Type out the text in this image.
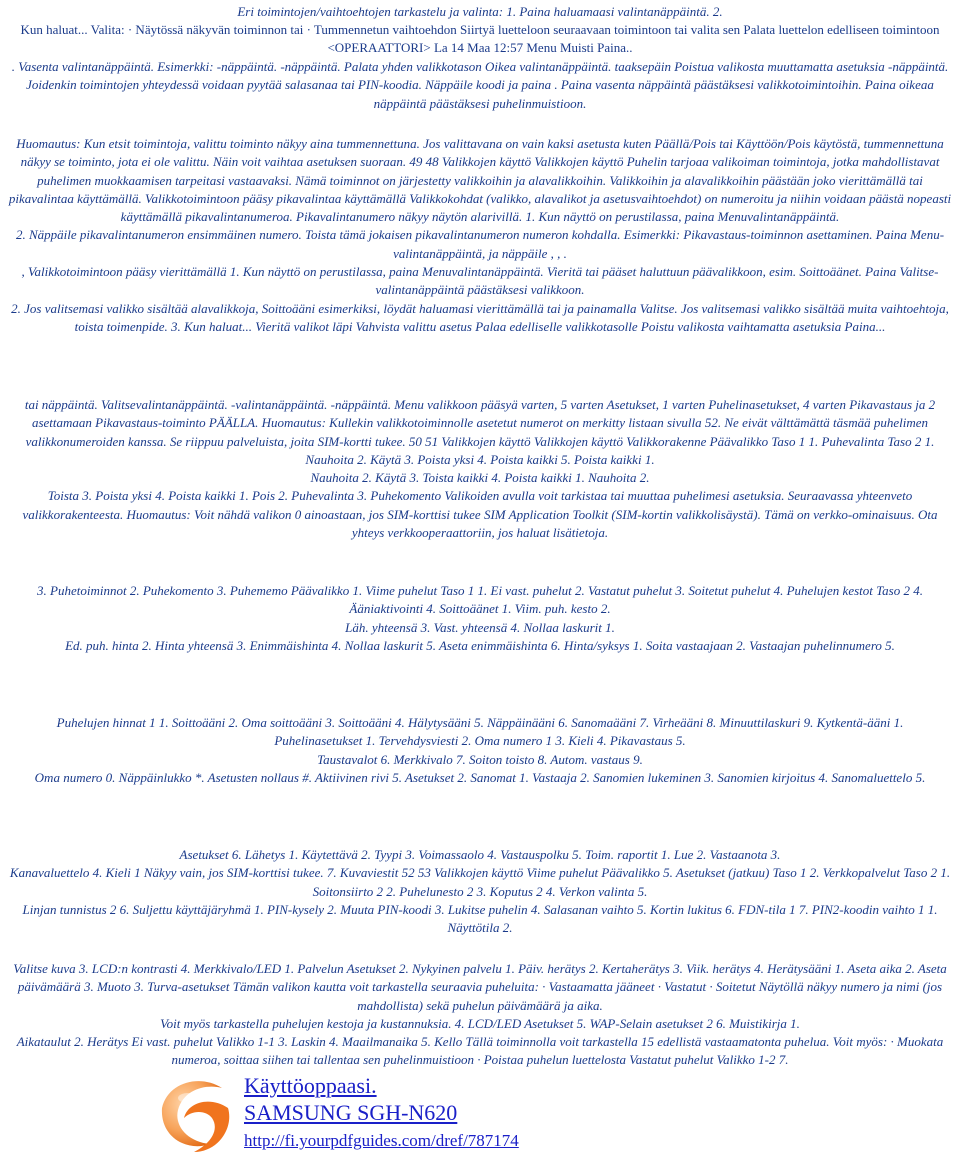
Eri toimintojen/vaihtoehtojen tarkastelu ja valinta: 1. Paina haluamaasi valintanäppäintä. 2.
Kun haluat... Valita: · Näytössä näkyvän toiminnon tai · Tummennetun vaihtoehdon Siirtyä luetteloon seuraavaan toimintoon tai valita sen Palata luettelon edelliseen toimintoon <OPERAATTORI> La 14 Maa 12:57 Menu Muisti Paina..
. Vasenta valintanäppäintä. Esimerkki: -näppäintä. -näppäintä. Palata yhden valikkotason Oikea valintanäppäintä. taaksepäin Poistua valikosta muuttamatta asetuksia -näppäintä. Joidenkin toimintojen yhteydessä voidaan pyytää salasanaa tai PIN-koodia. Näppäile koodi ja paina . Paina vasenta näppäintä päästäksesi valikkotoimintoihin. Paina oikeaa näppäintä päästäksesi puhelinmuistioon.
Huomautus: Kun etsit toimintoja, valittu toiminto näkyy aina tummennettuna. Jos valittavana on vain kaksi asetusta kuten Päällä/Pois tai Käyttöön/Pois käytöstä, tummennettuna näkyy se toiminto, jota ei ole valittu. Näin voit vaihtaa asetuksen suoraan. 49 48 Valikkojen käyttö Valikkojen käyttö Puhelin tarjoaa valikoiman toimintoja, jotka mahdollistavat puhelimen muokkaamisen tarpeitasi vastaavaksi. Nämä toiminnot on järjestetty valikkoihin ja alavalikkoihin. Valikkoihin ja alavalikkoihin päästään joko vierittämällä tai pikavalintaa käyttämällä. Valikkotoimintoon pääsy pikavalintaa käyttämällä Valikkokohdat (valikko, alavalikot ja asetusvaihtoehdot) on numeroitu ja niihin voidaan päästä nopeasti käyttämällä pikavalintanumeroa. Pikavalintanumero näkyy näytön alarivillä. 1. Kun näyttö on perustilassa, paina Menuvalintanäppäintä.
2. Näppäile pikavalintanumeron ensimmäinen numero. Toista tämä jokaisen pikavalintanumeron numeron kohdalla. Esimerkki: Pikavastaus-toiminnon asettaminen. Paina Menu-valintanäppäintä, ja näppäile , , .
, Valikkotoimintoon pääsy vierittämällä 1. Kun näyttö on perustilassa, paina Menuvalintanäppäintä. Vieritä tai pääset haluttuun päävalikkoon, esim. Soittoäänet. Paina Valitse-valintanäppäintä päästäksesi valikkoon.
2. Jos valitsemasi valikko sisältää alavalikkoja, Soittoääni esimerkiksi, löydät haluamasi vierittämällä tai ja painamalla Valitse. Jos valitsemasi valikko sisältää muita vaihtoehtoja, toista toimenpide. 3. Kun haluat... Vieritä valikot läpi Vahvista valittu asetus Palaa edelliselle valikkotasolle Poistu valikosta vaihtamatta asetuksia Paina...
tai näppäintä. Valitsevalintanäppäintä. -valintanäppäintä. -näppäintä. Menu valikkoon pääsyä varten, 5 varten Asetukset, 1 varten Puhelinasetukset, 4 varten Pikavastaus ja 2 asettamaan Pikavastaus-toiminto PÄÄLLA. Huomautus: Kullekin valikkotoiminnolle asetetut numerot on merkitty listaan sivulla 52. Ne eivät välttämättä täsmää puhelimen valikkonumeroiden kanssa. Se riippuu palveluista, joita SIM-kortti tukee. 50 51 Valikkojen käyttö Valikkojen käyttö Valikkorakenne Päävalikko Taso 1 1. Puhevalinta Taso 2 1.
Nauhoita 2. Käytä 3. Poista yksi 4. Poista kaikki 5. Poista kaikki 1.
Nauhoita 2. Käytä 3. Toista kaikki 4. Poista kaikki 1. Nauhoita 2.
Toista 3. Poista yksi 4. Poista kaikki 1. Pois 2. Puhevalinta 3. Puhekomento Valikoiden avulla voit tarkistaa tai muuttaa puhelimesi asetuksia. Seuraavassa yhteenveto valikkorakenteesta. Huomautus: Voit nähdä valikon 0 ainoastaan, jos SIM-korttisi tukee SIM Application Toolkit (SIM-kortin valikkolisäystä). Tämä on verkko-ominaisuus. Ota yhteys verkkooperaattoriin, jos haluat lisätietoja.
3. Puhetoiminnot 2. Puhekomento 3. Puhememo Päävalikko 1. Viime puhelut Taso 1 1. Ei vast. puhelut 2. Vastatut puhelut 3. Soitetut puhelut 4. Puhelujen kestot Taso 2 4.
Ääniaktivointi 4. Soittoäänet 1. Viim. puh. kesto 2.
Läh. yhteensä 3. Vast. yhteensä 4. Nollaa laskurit 1.
Ed. puh. hinta 2. Hinta yhteensä 3. Enimmäishinta 4. Nollaa laskurit 5. Aseta enimmäishinta 6. Hinta/syksys 1. Soita vastaajaan 2. Vastaajan puhelinnumero 5.
Puhelujen hinnat 1 1. Soittoääni 2. Oma soittoääni 3. Soittoääni 4. Hälytysääni 5. Näppäinääni 6. Sanomaääni 7. Virheääni 8. Minuuttilaskuri 9. Kytkentä-ääni 1.
Puhelinasetukset 1. Tervehdysviesti 2. Oma numero 1 3. Kieli 4. Pikavastaus 5.
Taustavalot 6. Merkkivalo 7. Soiton toisto 8. Autom. vastaus 9.
Oma numero 0. Näppäinlukko *. Asetusten nollaus #. Aktiivinen rivi 5. Asetukset 2. Sanomat 1. Vastaaja 2. Sanomien lukeminen 3. Sanomien kirjoitus 4. Sanomaluettelo 5.
Asetukset 6. Lähetys 1. Käytettävä 2. Tyypi 3. Voimassaolo 4. Vastauspolku 5. Toim. raportit 1. Lue 2. Vastaanota 3.
Kanavaluettelo 4. Kieli 1 Näkyy vain, jos SIM-korttisi tukee. 7. Kuvaviestit 52 53 Valikkojen käyttö Viime puhelut Päävalikko 5. Asetukset (jatkuu) Taso 1 2. Verkkopalvelut Taso 2 1. Soitonsiirto 2 2. Puhelunesto 2 3. Koputus 2 4. Verkon valinta 5.
Linjan tunnistus 2 6. Suljettu käyttäjäryhmä 1. PIN-kysely 2. Muuta PIN-koodi 3. Lukitse puhelin 4. Salasanan vaihto 5. Kortin lukitus 6. FDN-tila 1 7. PIN2-koodin vaihto 1 1. Näyttötila 2.
Valitse kuva 3. LCD:n kontrasti 4. Merkkivalo/LED 1. Palvelun Asetukset 2. Nykyinen palvelu 1. Päiv. herätys 2. Kertaherätys 3. Viik. herätys 4. Herätysääni 1. Aseta aika 2. Aseta päivämäärä 3. Muoto 3. Turva-asetukset Tämän valikon kautta voit tarkastella seuraavia puheluita: · Vastaamatta jääneet · Vastatut · Soitetut Näytöllä näkyy numero ja nimi (jos mahdollista) sekä puhelun päivämäärä ja aika.
Voit myös tarkastella puhelujen kestoja ja kustannuksia. 4. LCD/LED Asetukset 5. WAP-Selain asetukset 2 6. Muistikirja 1.
Aikataulut 2. Herätys Ei vast. puhelut Valikko 1-1 3. Laskin 4. Maailmanaika 5. Kello Tällä toiminnolla voit tarkastella 15 edellistä vastaamatonta puhelua. Voit myös: · Muokata numeroa, soittaa siihen tai tallentaa sen puhelinmuistioon · Poistaa puhelun luettelosta Vastatut puhelut Valikko 1-2 7.
Käyttöoppaasi.
SAMSUNG SGH-N620
http://fi.yourpdfguides.com/dref/787174
